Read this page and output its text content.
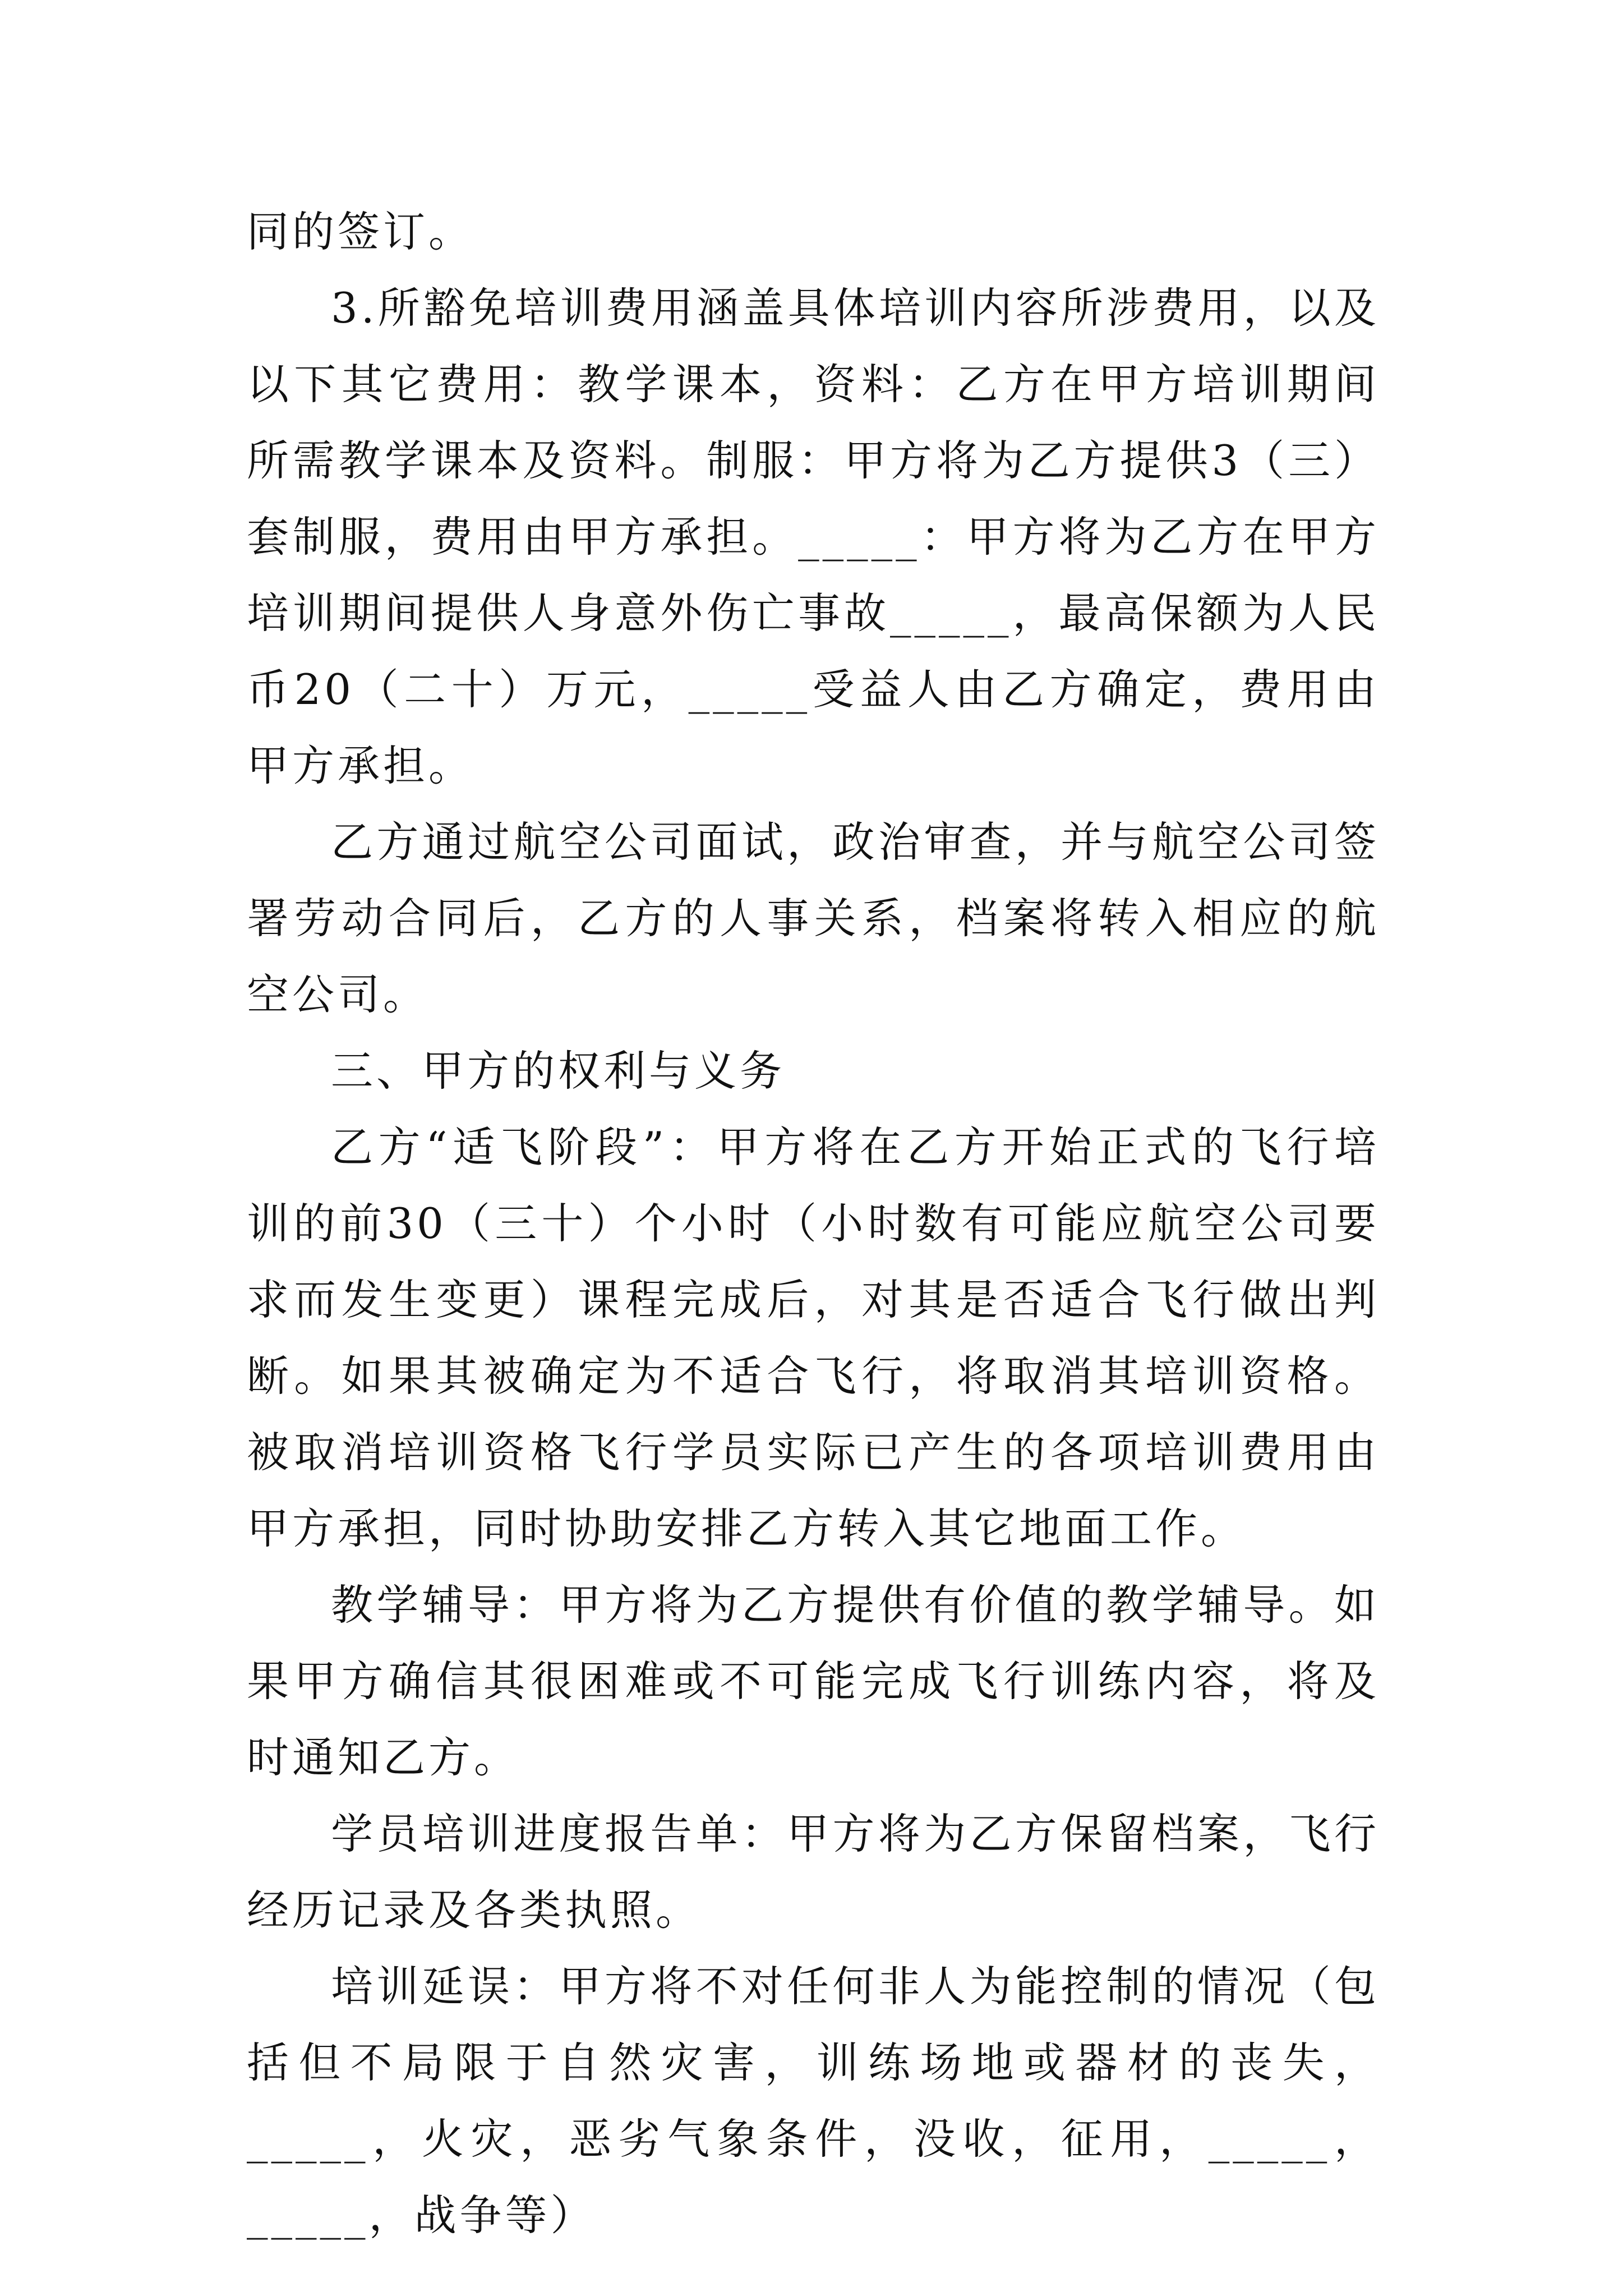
同的签订。

3.所豁免培训费用涵盖具体培训内容所涉费用，以及以下其它费用：教学课本，资料：乙方在甲方培训期间所需教学课本及资料。制服：甲方将为乙方提供3（三）套制服，费用由甲方承担。_____：甲方将为乙方在甲方培训期间提供人身意外伤亡事故_____，最高保额为人民币20（二十）万元，_____受益人由乙方确定，费用由甲方承担。

乙方通过航空公司面试，政治审查，并与航空公司签署劳动合同后，乙方的人事关系，档案将转入相应的航空公司。

三、甲方的权利与义务

乙方“适飞阶段”：甲方将在乙方开始正式的飞行培训的前30（三十）个小时（小时数有可能应航空公司要求而发生变更）课程完成后，对其是否适合飞行做出判断。如果其被确定为不适合飞行，将取消其培训资格。被取消培训资格飞行学员实际已产生的各项培训费用由甲方承担，同时协助安排乙方转入其它地面工作。

教学辅导：甲方将为乙方提供有价值的教学辅导。如果甲方确信其很困难或不可能完成飞行训练内容，将及时通知乙方。

学员培训进度报告单：甲方将为乙方保留档案，飞行经历记录及各类执照。

培训延误：甲方将不对任何非人为能控制的情况（包括但不局限于自然灾害，训练场地或器材的丧失，_____，火灾，恶劣气象条件，没收，征用，_____，_____，战争等）
